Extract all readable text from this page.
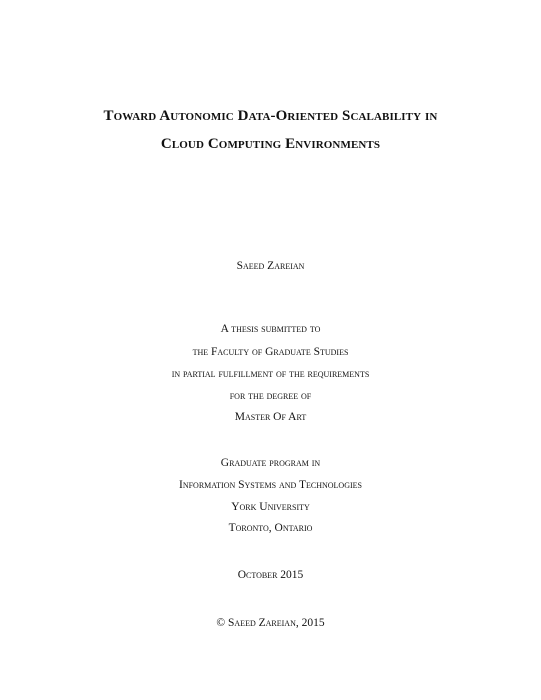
Toward Autonomic Data-Oriented Scalability in
Cloud Computing Environments
Saeed Zareian
A thesis submitted to
the Faculty of Graduate Studies
in partial fulfillment of the requirements
for the degree of
Master Of Art
Graduate program in
Information Systems and Technologies
York University
Toronto, Ontario
October 2015
© Saeed Zareian, 2015
